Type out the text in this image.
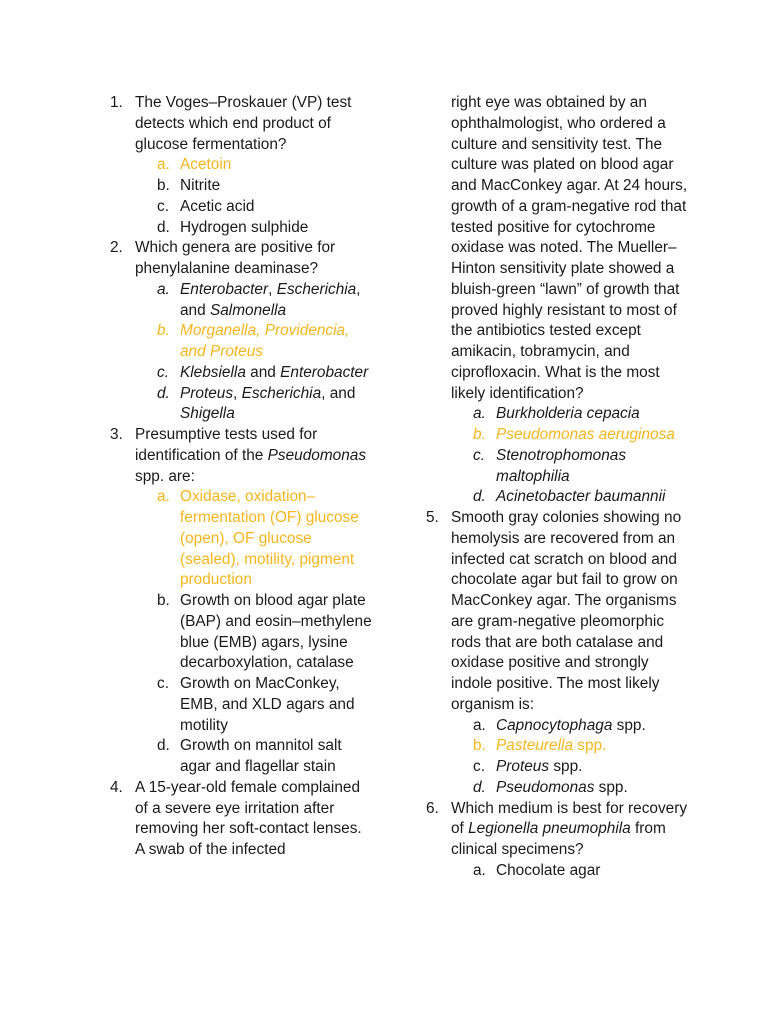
1. The Voges–Proskauer (VP) test detects which end product of glucose fermentation?
a. Acetoin
b. Nitrite
c. Acetic acid
d. Hydrogen sulphide
2. Which genera are positive for phenylalanine deaminase?
a. Enterobacter, Escherichia, and Salmonella
b. Morganella, Providencia, and Proteus
c. Klebsiella and Enterobacter
d. Proteus, Escherichia, and Shigella
3. Presumptive tests used for identification of the Pseudomonas spp. are:
a. Oxidase, oxidation–fermentation (OF) glucose (open), OF glucose (sealed), motility, pigment production
b. Growth on blood agar plate (BAP) and eosin–methylene blue (EMB) agars, lysine decarboxylation, catalase
c. Growth on MacConkey, EMB, and XLD agars and motility
d. Growth on mannitol salt agar and flagellar stain
4. A 15-year-old female complained of a severe eye irritation after removing her soft-contact lenses. A swab of the infected
right eye was obtained by an ophthalmologist, who ordered a culture and sensitivity test. The culture was plated on blood agar and MacConkey agar. At 24 hours, growth of a gram-negative rod that tested positive for cytochrome oxidase was noted. The Mueller–Hinton sensitivity plate showed a bluish-green “lawn” of growth that proved highly resistant to most of the antibiotics tested except amikacin, tobramycin, and ciprofloxacin. What is the most likely identification?
a. Burkholderia cepacia
b. Pseudomonas aeruginosa
c. Stenotrophomonas maltophilia
d. Acinetobacter baumannii
5. Smooth gray colonies showing no hemolysis are recovered from an infected cat scratch on blood and chocolate agar but fail to grow on MacConkey agar. The organisms are gram-negative pleomorphic rods that are both catalase and oxidase positive and strongly indole positive. The most likely organism is:
a. Capnocytophaga spp.
b. Pasteurella spp.
c. Proteus spp.
d. Pseudomonas spp.
6. Which medium is best for recovery of Legionella pneumophila from clinical specimens?
a. Chocolate agar
